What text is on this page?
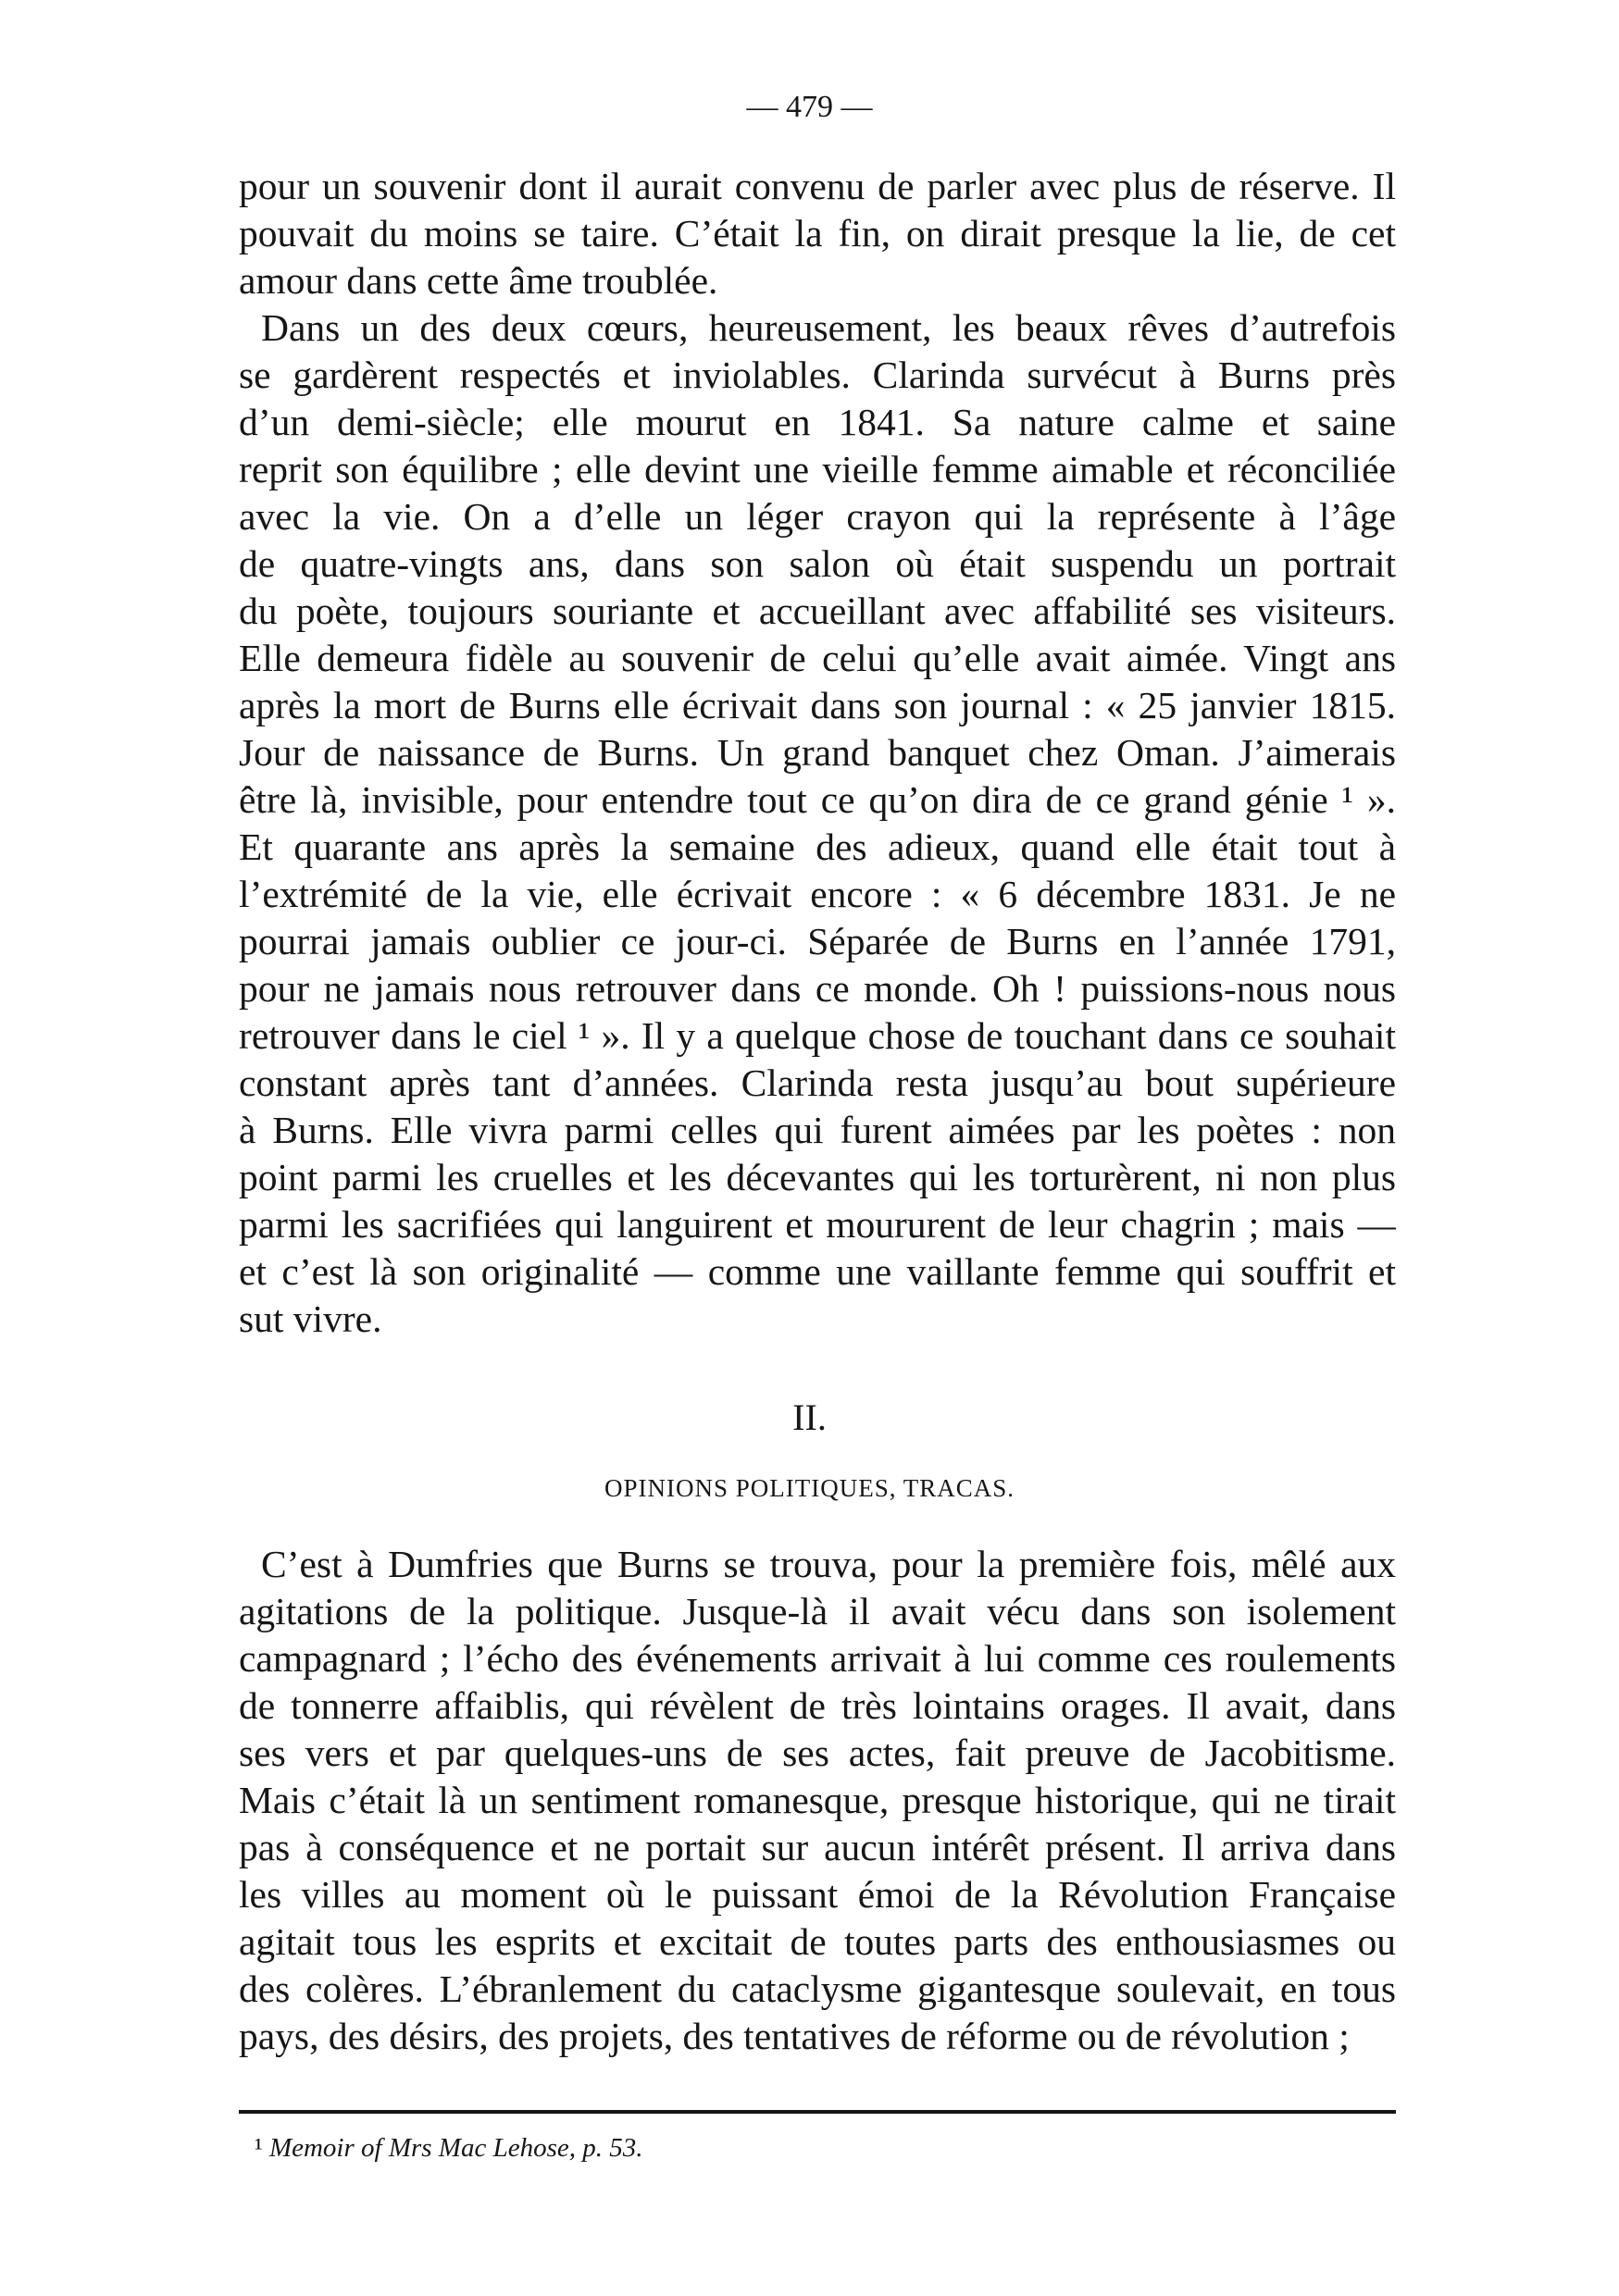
— 479 —
pour un souvenir dont il aurait convenu de parler avec plus de réserve. Il
pouvait du moins se taire. C’était la fin, on dirait presque la lie, de cet
amour dans cette âme troublée.
Dans un des deux cœurs, heureusement, les beaux rêves d’autrefois
se gardèrent respectés et inviolables. Clarinda survécut à Burns près
d’un demi-siècle; elle mourut en 1841. Sa nature calme et saine
reprit son équilibre ; elle devint une vieille femme aimable et réconciliée
avec la vie. On a d’elle un léger crayon qui la représente à l’âge
de quatre-vingts ans, dans son salon où était suspendu un portrait
du poète, toujours souriante et accueillant avec affabilité ses visiteurs.
Elle demeura fidèle au souvenir de celui qu’elle avait aimée. Vingt ans
après la mort de Burns elle écrivait dans son journal : « 25 janvier 1815.
Jour de naissance de Burns. Un grand banquet chez Oman. J’aimerais
être là, invisible, pour entendre tout ce qu’on dira de ce grand génie ¹ ».
Et quarante ans après la semaine des adieux, quand elle était tout à
l’extrémité de la vie, elle écrivait encore : « 6 décembre 1831. Je ne
pourrai jamais oublier ce jour-ci. Séparée de Burns en l’année 1791,
pour ne jamais nous retrouver dans ce monde. Oh ! puissions-nous nous
retrouver dans le ciel ¹ ». Il y a quelque chose de touchant dans ce souhait
constant après tant d’années. Clarinda resta jusqu’au bout supérieure
à Burns. Elle vivra parmi celles qui furent aimées par les poètes : non
point parmi les cruelles et les décevantes qui les torturèrent, ni non plus
parmi les sacrifiées qui languirent et moururent de leur chagrin ; mais —
et c’est là son originalité — comme une vaillante femme qui souffrit et
sut vivre.
II.
OPINIONS POLITIQUES, TRACAS.
C’est à Dumfries que Burns se trouva, pour la première fois, mêlé aux
agitations de la politique. Jusque-là il avait vécu dans son isolement
campagnard ; l’écho des événements arrivait à lui comme ces roulements
de tonnerre affaiblis, qui révèlent de très lointains orages. Il avait, dans
ses vers et par quelques-uns de ses actes, fait preuve de Jacobitisme.
Mais c’était là un sentiment romanesque, presque historique, qui ne tirait
pas à conséquence et ne portait sur aucun intérêt présent. Il arriva dans
les villes au moment où le puissant émoi de la Révolution Française
agitait tous les esprits et excitait de toutes parts des enthousiasmes ou
des colères. L’ébranlement du cataclysme gigantesque soulevait, en tous
pays, des désirs, des projets, des tentatives de réforme ou de révolution ;
¹ Memoir of Mrs Mac Lehose, p. 53.
